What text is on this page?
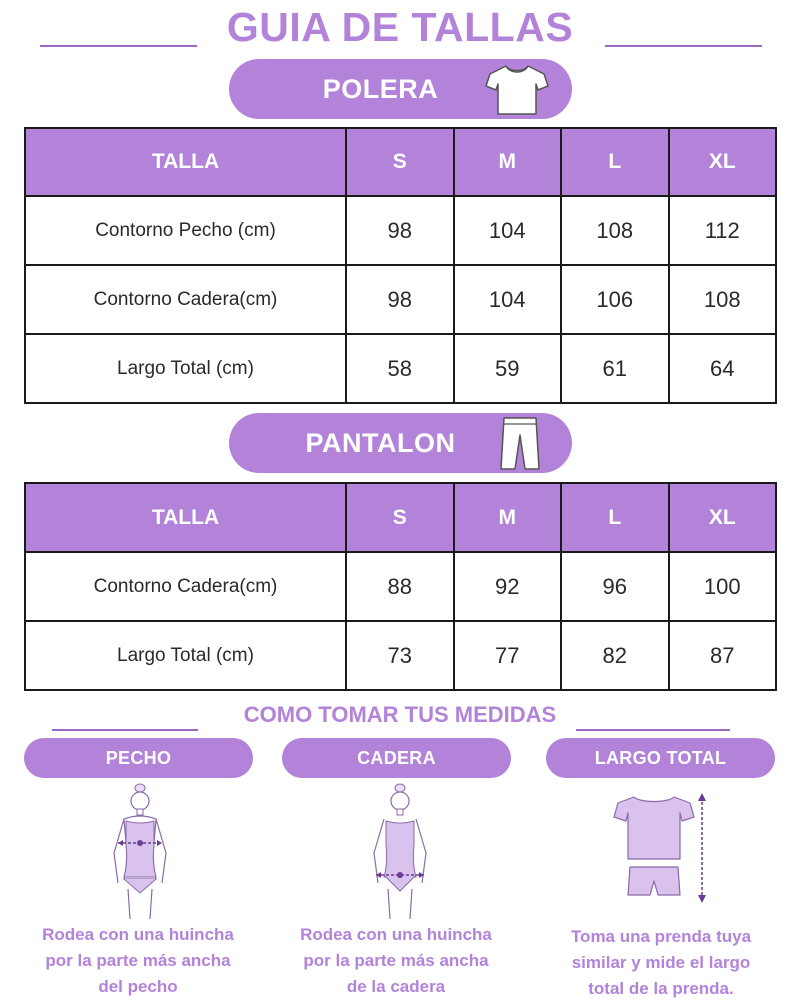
GUIA DE TALLAS
POLERA
TALLA	S	M	L	XL
Contorno Pecho (cm)	98	104	108	112
Contorno Cadera(cm)	98	104	106	108
Largo Total (cm)	58	59	61	64
PANTALON
TALLA	S	M	L	XL
Contorno Cadera(cm)	88	92	96	100
Largo Total (cm)	73	77	82	87
COMO TOMAR TUS MEDIDAS
PECHO	CADERA	LARGO TOTAL
Rodea con una huincha
por la parte más ancha
del pecho
Rodea con una huincha
por la parte más ancha
de la cadera
Toma una prenda tuya
similar y mide el largo
total de la prenda.
